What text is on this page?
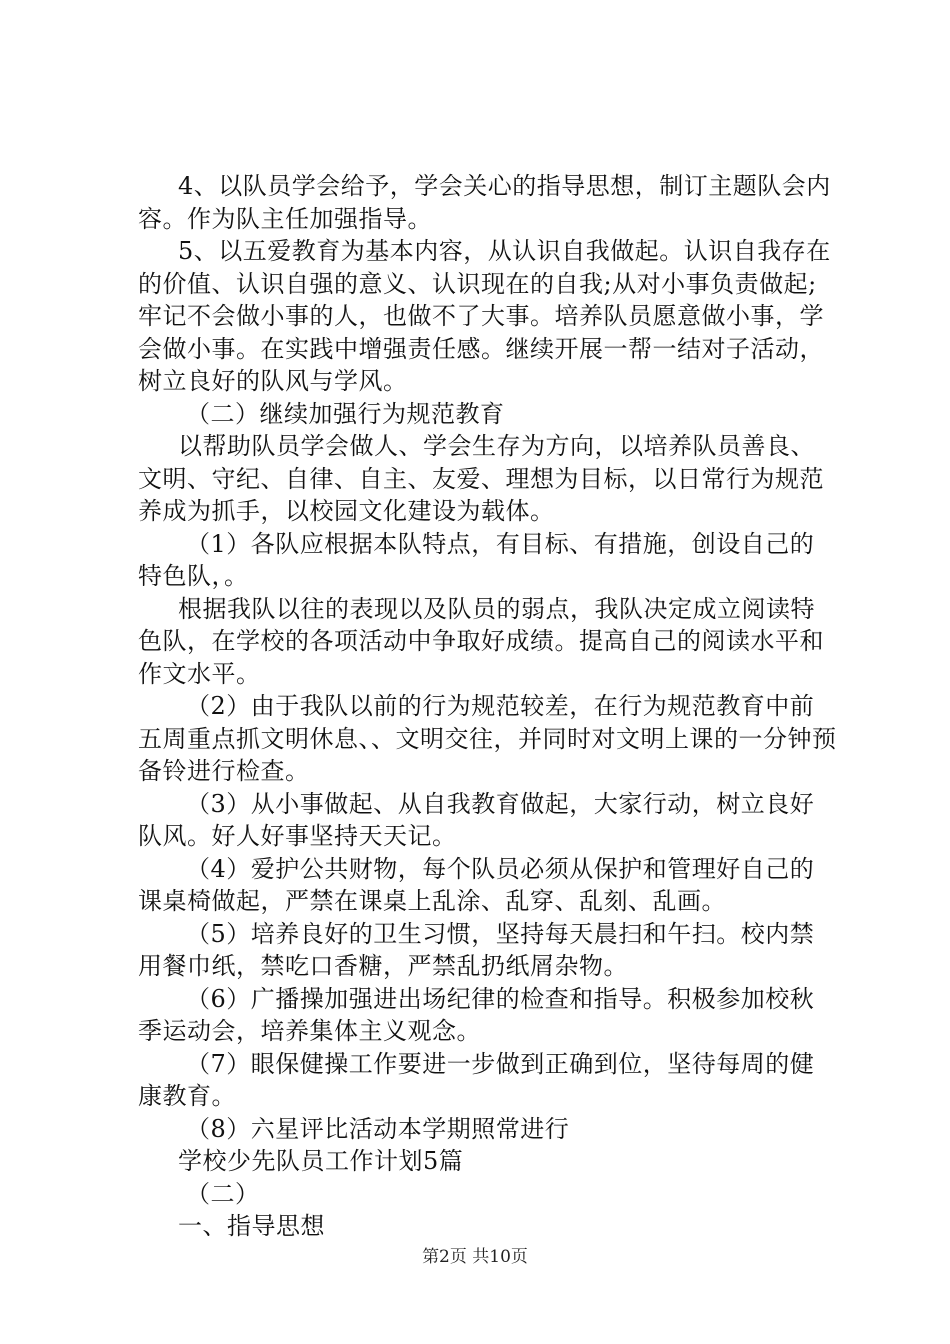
4、以队员学会给予，学会关心的指导思想，制订主题队会内容。作为队主任加强指导。

5、以五爱教育为基本内容，从认识自我做起。认识自我存在的价值、认识自强的意义、认识现在的自我;从对小事负责做起;牢记不会做小事的人，也做不了大事。培养队员愿意做小事，学会做小事。在实践中增强责任感。继续开展一帮一结对子活动，树立良好的队风与学风。

（二）继续加强行为规范教育

以帮助队员学会做人、学会生存为方向，以培养队员善良、文明、守纪、自律、自主、友爱、理想为目标，以日常行为规范养成为抓手，以校园文化建设为载体。

（1）各队应根据本队特点，有目标、有措施，创设自己的特色队，。

根据我队以往的表现以及队员的弱点，我队决定成立阅读特色队，在学校的各项活动中争取好成绩。提高自己的阅读水平和作文水平。

（2）由于我队以前的行为规范较差，在行为规范教育中前五周重点抓文明休息、、文明交往，并同时对文明上课的一分钟预备铃进行检查。

（3）从小事做起、从自我教育做起，大家行动，树立良好队风。好人好事坚持天天记。

（4）爱护公共财物，每个队员必须从保护和管理好自己的课桌椅做起，严禁在课桌上乱涂、乱穿、乱刻、乱画。

（5）培养良好的卫生习惯，坚持每天晨扫和午扫。校内禁用餐巾纸，禁吃口香糖，严禁乱扔纸屑杂物。

（6）广播操加强进出场纪律的检查和指导。积极参加校秋季运动会，培养集体主义观念。

（7）眼保健操工作要进一步做到正确到位，坚待每周的健康教育。

（8）六星评比活动本学期照常进行

学校少先队员工作计划5篇

（二）

一、指导思想

第2页 共10页
